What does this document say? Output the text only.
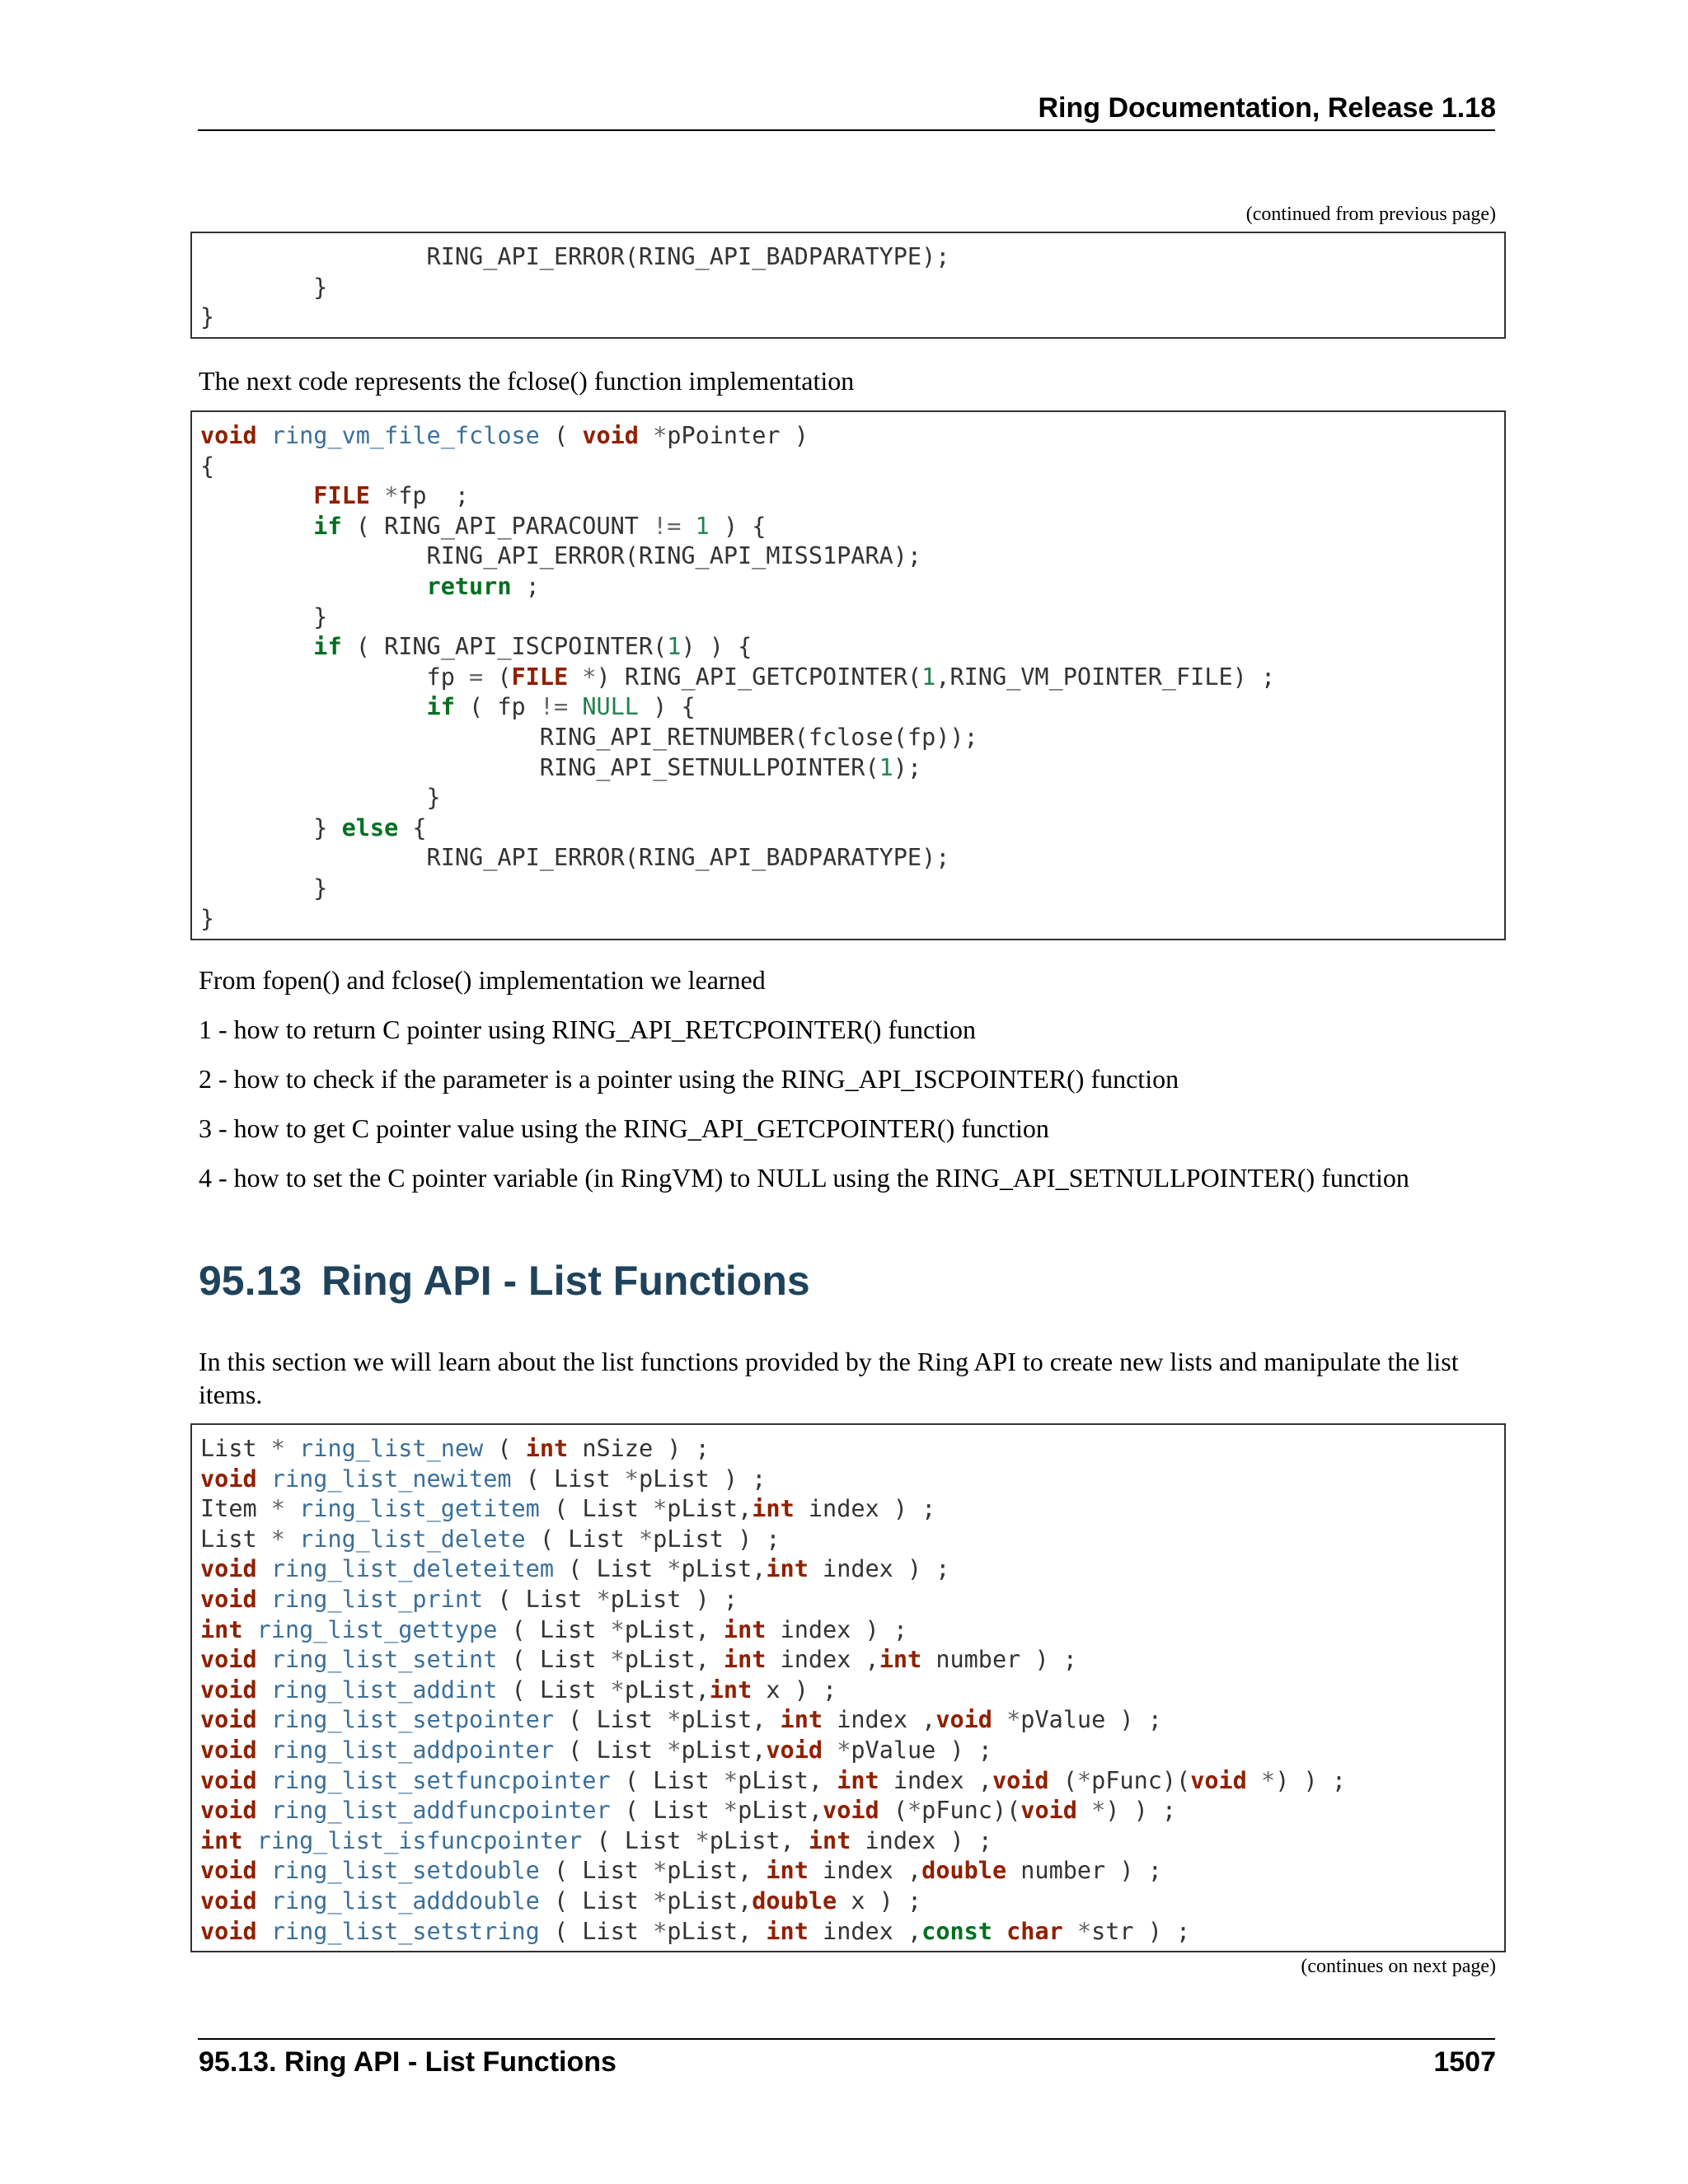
Ring Documentation, Release 1.18
(continued from previous page)
RING_API_ERROR(RING_API_BADPARATYPE);
}
}

The next code represents the fclose() function implementation

void ring_vm_file_fclose ( void *pPointer )
{
FILE *fp  ;
if ( RING_API_PARACOUNT != 1 ) {
RING_API_ERROR(RING_API_MISS1PARA);
return ;
}
if ( RING_API_ISCPOINTER(1) ) {
fp = (FILE *) RING_API_GETCPOINTER(1,RING_VM_POINTER_FILE) ;
if ( fp != NULL ) {
RING_API_RETNUMBER(fclose(fp));
RING_API_SETNULLPOINTER(1);
}
} else {
RING_API_ERROR(RING_API_BADPARATYPE);
}
}

From fopen() and fclose() implementation we learned

1 - how to return C pointer using RING_API_RETCPOINTER() function

2 - how to check if the parameter is a pointer using the RING_API_ISCPOINTER() function

3 - how to get C pointer value using the RING_API_GETCPOINTER() function

4 - how to set the C pointer variable (in RingVM) to NULL using the RING_API_SETNULLPOINTER() function

95.13 Ring API - List Functions

In this section we will learn about the list functions provided by the Ring API to create new lists and manipulate the list items.

List * ring_list_new ( int nSize ) ;
void ring_list_newitem ( List *pList ) ;
Item * ring_list_getitem ( List *pList,int index ) ;
List * ring_list_delete ( List *pList ) ;
void ring_list_deleteitem ( List *pList,int index ) ;
void ring_list_print ( List *pList ) ;
int ring_list_gettype ( List *pList, int index ) ;
void ring_list_setint ( List *pList, int index ,int number ) ;
void ring_list_addint ( List *pList,int x ) ;
void ring_list_setpointer ( List *pList, int index ,void *pValue ) ;
void ring_list_addpointer ( List *pList,void *pValue ) ;
void ring_list_setfuncpointer ( List *pList, int index ,void (*pFunc)(void *) ) ;
void ring_list_addfuncpointer ( List *pList,void (*pFunc)(void *) ) ;
int ring_list_isfuncpointer ( List *pList, int index ) ;
void ring_list_setdouble ( List *pList, int index ,double number ) ;
void ring_list_adddouble ( List *pList,double x ) ;
void ring_list_setstring ( List *pList, int index ,const char *str ) ;
(continues on next page)
95.13. Ring API - List Functions	1507
